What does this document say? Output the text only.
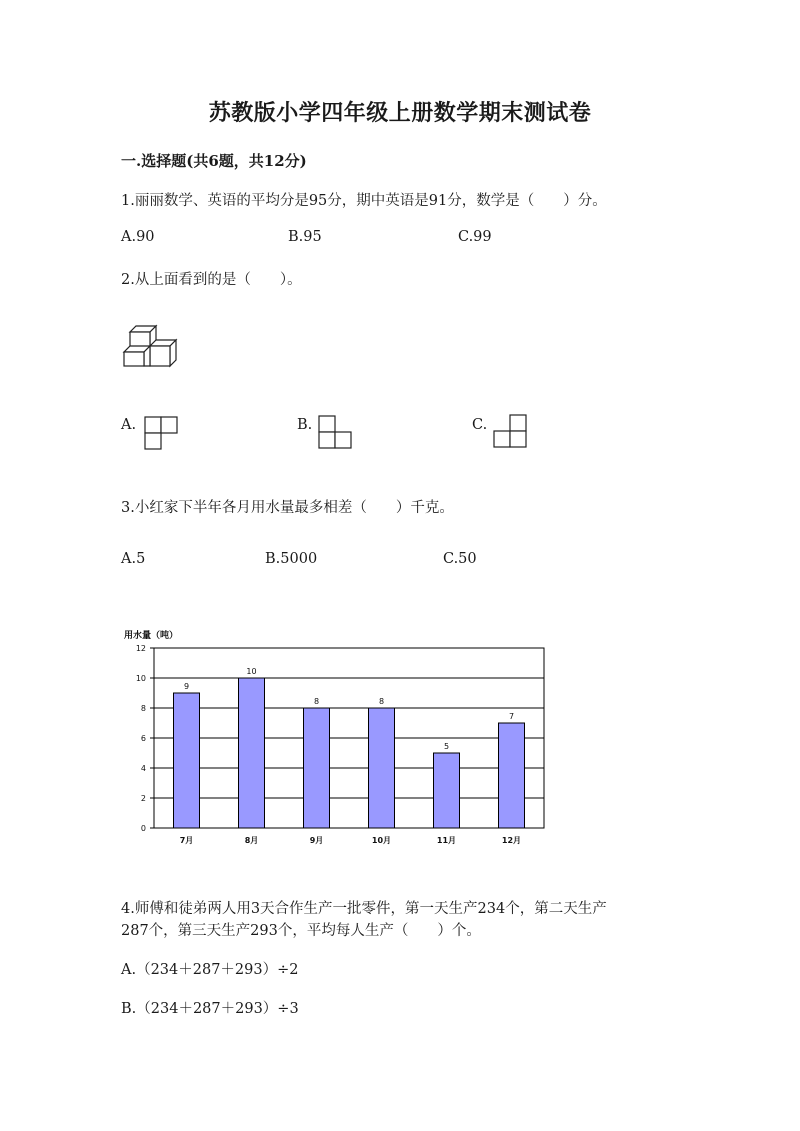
苏教版小学四年级上册数学期末测试卷
一.选择题(共6题，共12分)
1.丽丽数学、英语的平均分是95分，期中英语是91分，数学是（　　）分。
A.90	B.95	C.99
2.从上面看到的是（　　）。
A.	B.	C.
3.小红家下半年各月用水量最多相差（　　）千克。
A.5	B.5000	C.50
用水量（吨）
0
2
4
6
8
10
12
9
7月
10
8月
8
9月
8
10月
5
11月
7
12月
4.师傅和徒弟两人用3天合作生产一批零件，第一天生产234个，第二天生产
287个，第三天生产293个，平均每人生产（　　）个。
A.（234＋287＋293）÷2
B.（234＋287＋293）÷3
